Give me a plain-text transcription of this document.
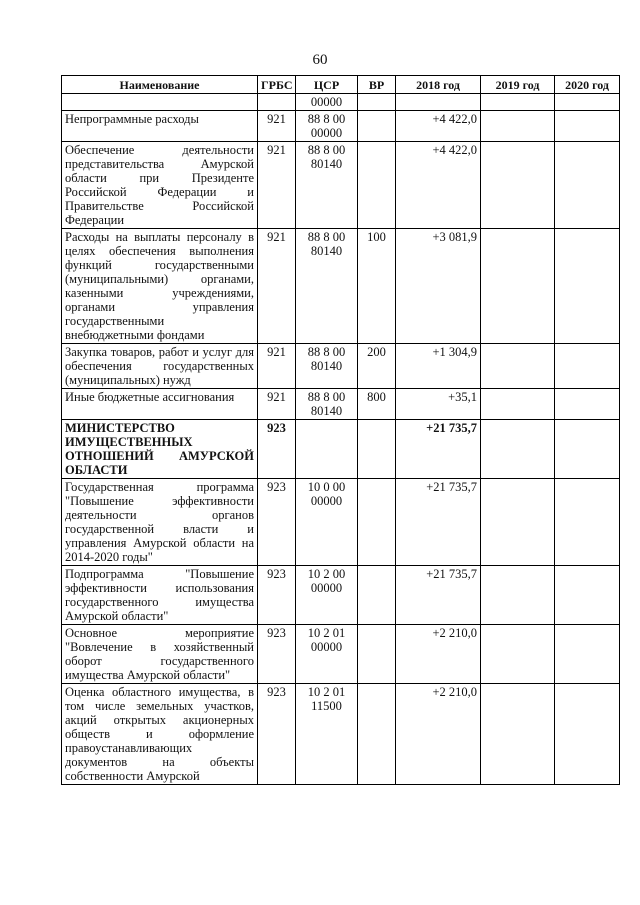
60
Наименование	ГРБС	ЦСР	ВР	2018 год	2019 год	2020 год
		00000				
Непрограммные расходы	921	88 8 00 00000		+4 422,0		
Обеспечение деятельности представительства Амурской области при Президенте Российской Федерации и Правительстве Российской Федерации	921	88 8 00 80140		+4 422,0		
Расходы на выплаты персоналу в целях обеспечения выполнения функций государственными (муниципальными) органами, казенными учреждениями, органами управления государственными внебюджетными фондами	921	88 8 00 80140	100	+3 081,9		
Закупка товаров, работ и услуг для обеспечения государственных (муниципальных) нужд	921	88 8 00 80140	200	+1 304,9		
Иные бюджетные ассигнования	921	88 8 00 80140	800	+35,1		
МИНИСТЕРСТВО ИМУЩЕСТВЕННЫХ ОТНОШЕНИЙ АМУРСКОЙ ОБЛАСТИ	923			+21 735,7		
Государственная программа "Повышение эффективности деятельности органов государственной власти и управления Амурской области на 2014-2020 годы"	923	10 0 00 00000		+21 735,7		
Подпрограмма "Повышение эффективности использования государственного имущества Амурской области"	923	10 2 00 00000		+21 735,7		
Основное мероприятие "Вовлечение в хозяйственный оборот государственного имущества Амурской области"	923	10 2 01 00000		+2 210,0		
Оценка областного имущества, в том числе земельных участков, акций открытых акционерных обществ и оформление правоустанавливающих документов на объекты собственности Амурской	923	10 2 01 11500		+2 210,0		
